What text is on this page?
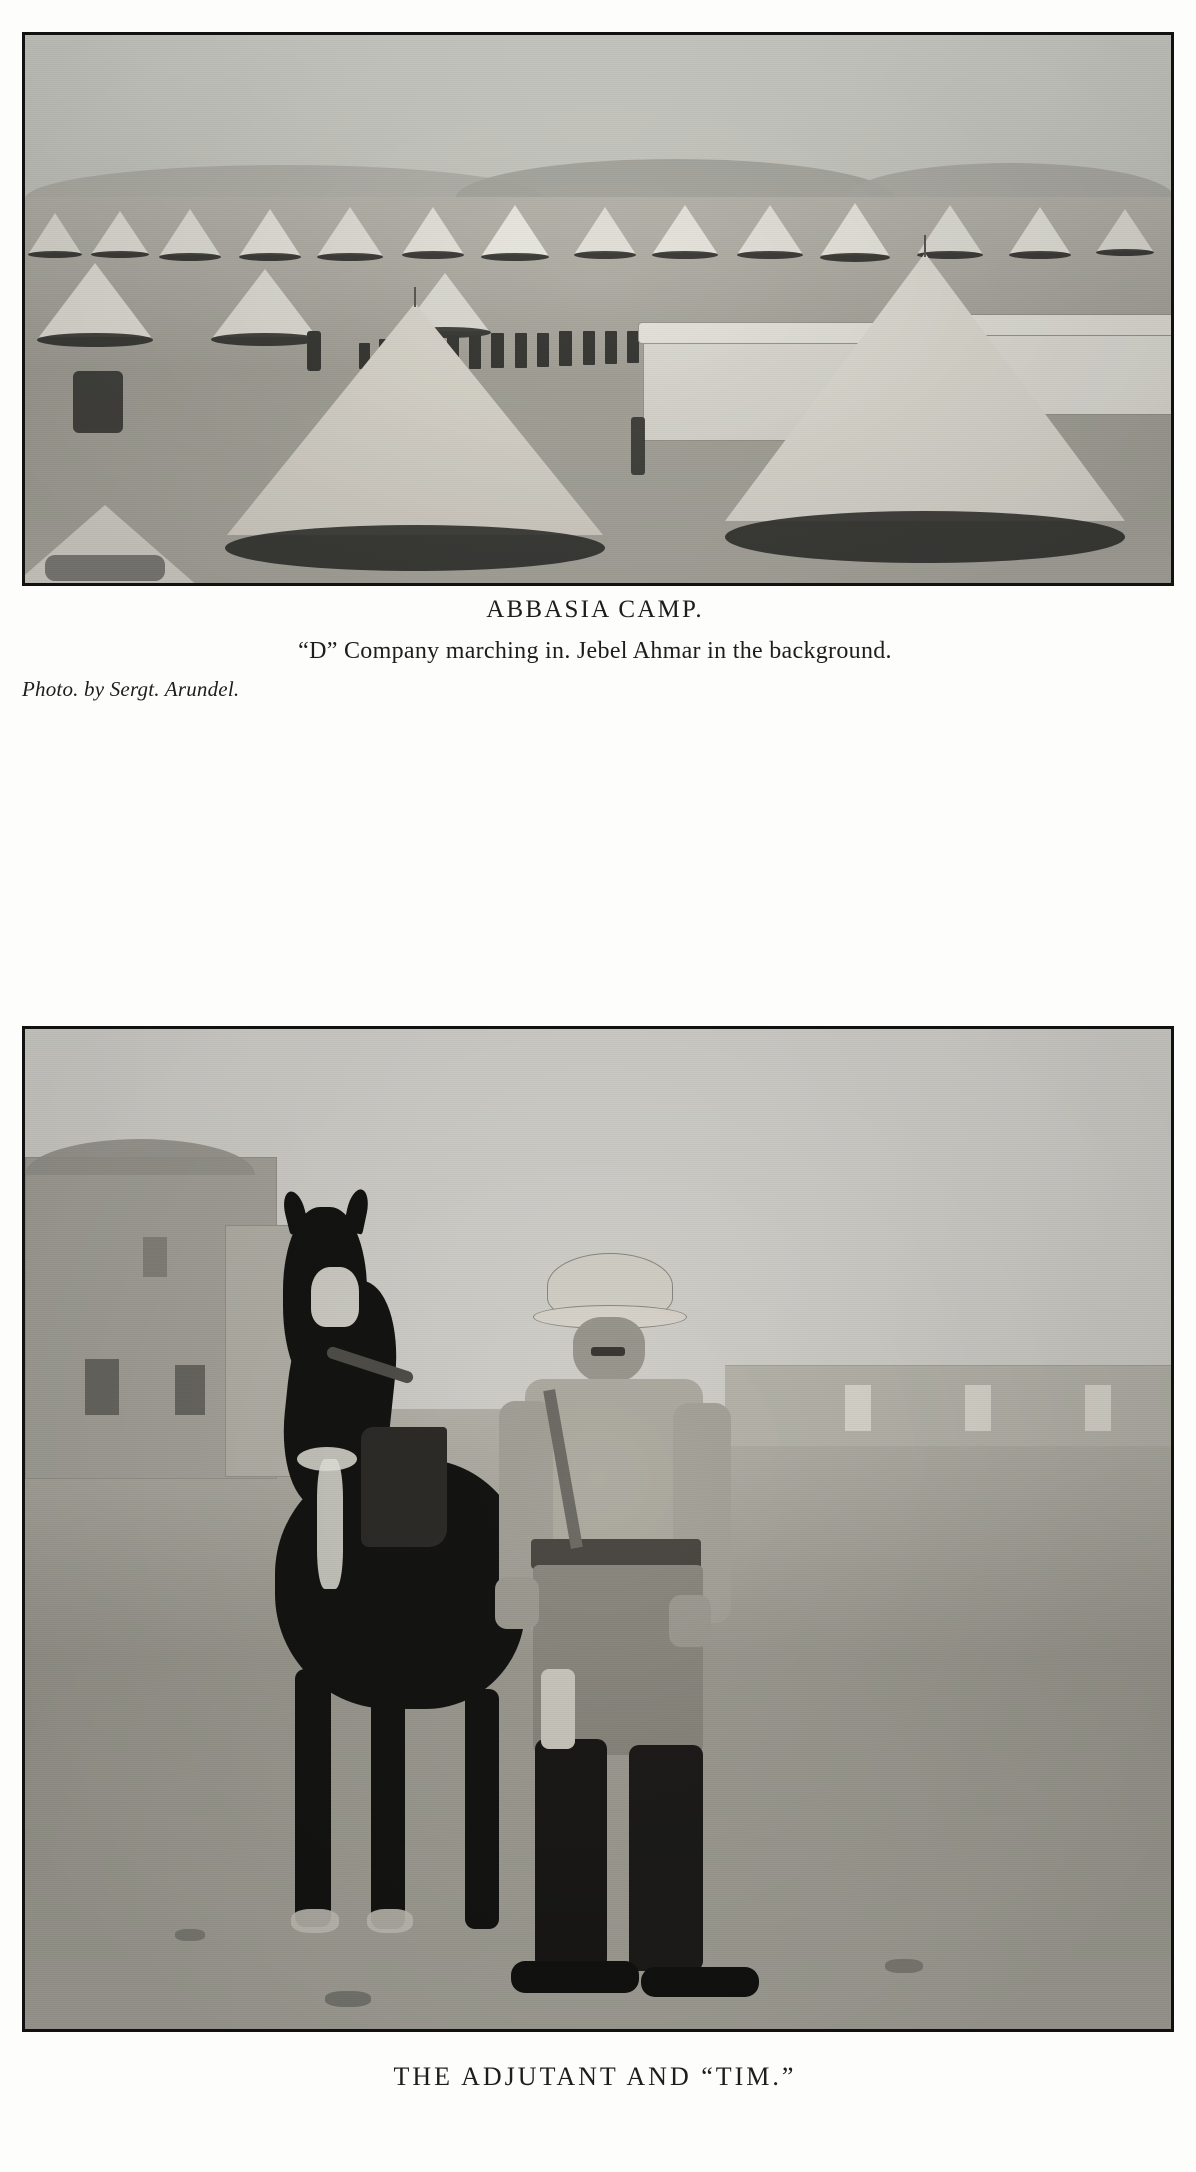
ABBASIA CAMP.
“D” Company marching in. Jebel Ahmar in the background.
Photo. by Sergt. Arundel.
THE ADJUTANT AND “TIM.”
